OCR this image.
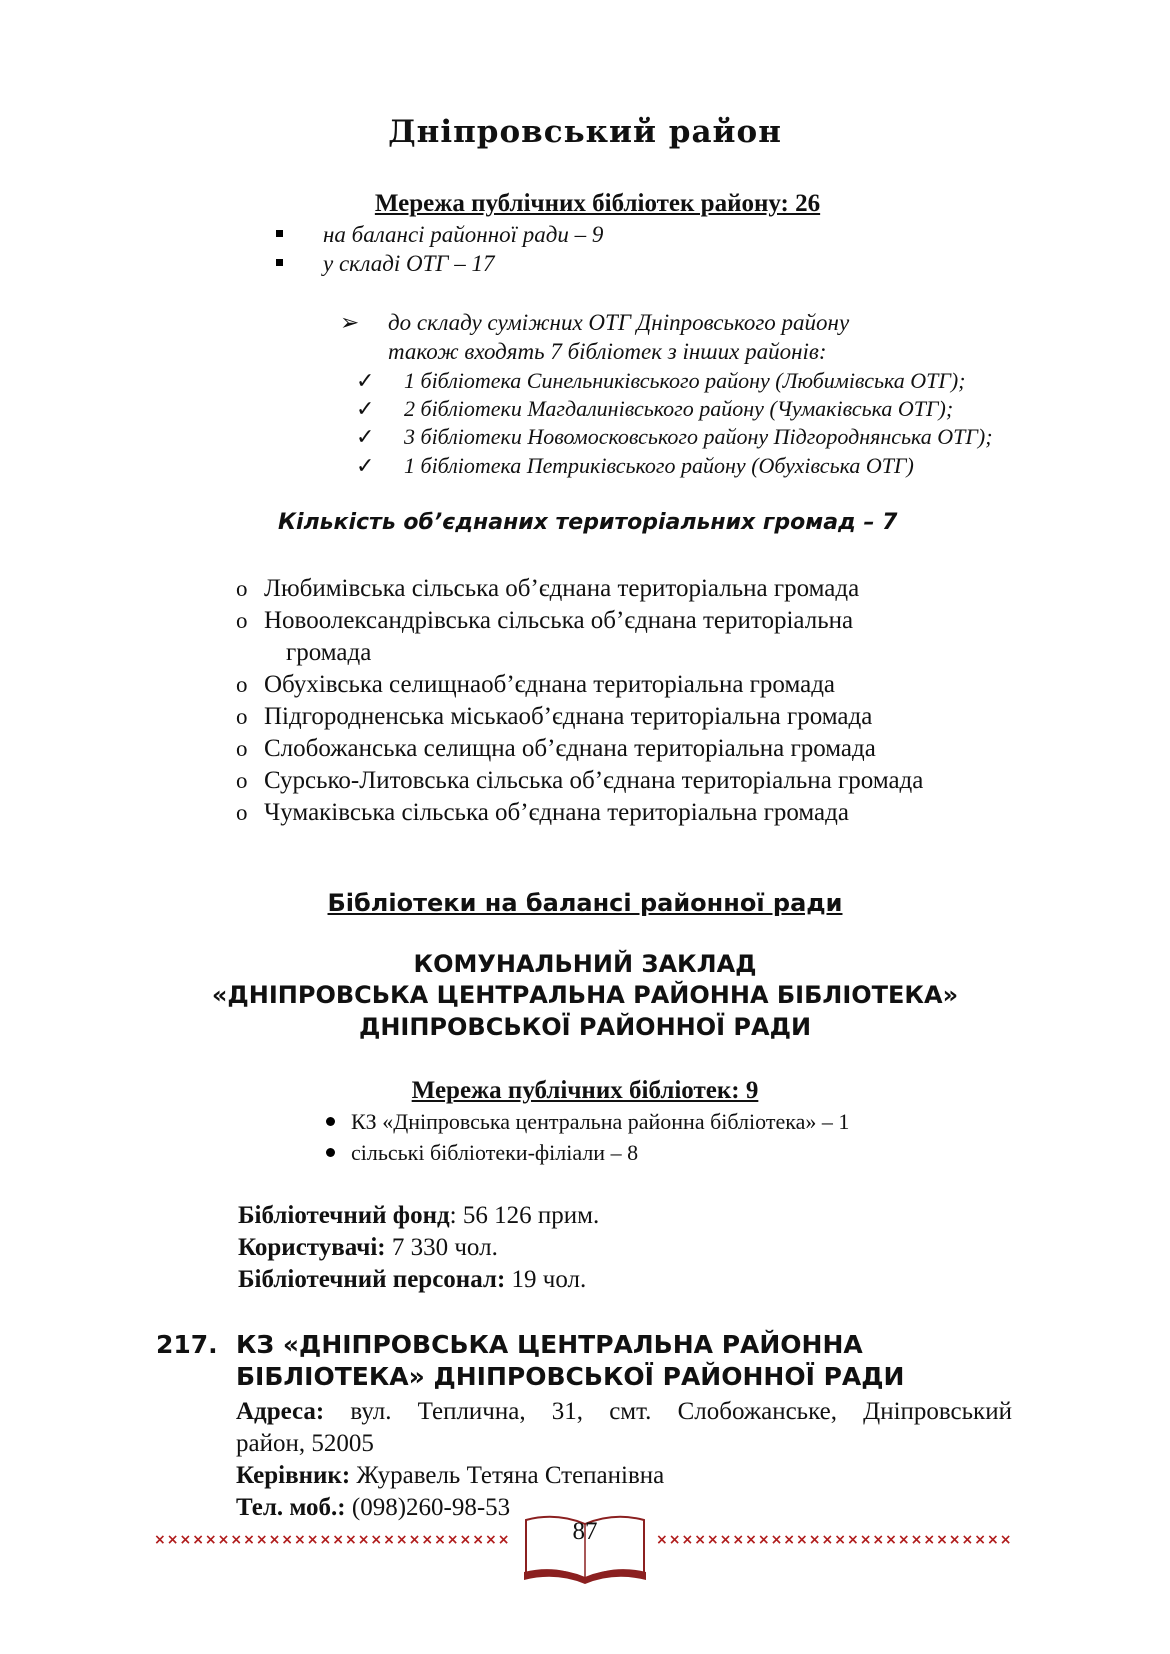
Дніпровський район
Мережа публічних бібліотек району: 26
на балансі районної ради – 9
у складі ОТГ – 17
➢ до складу суміжних ОТГ Дніпровського району
також входять 7 бібліотек з інших районів:
✓ 1 бібліотека Синельниківського району (Любимівська ОТГ);
✓ 2 бібліотеки Магдалинівського району (Чумаківська ОТГ);
✓ 3 бібліотеки Новомосковського району Підгороднянська ОТГ);
✓ 1 бібліотека Петриківського району (Обухівська ОТГ)
Кількість об’єднаних територіальних громад – 7
o Любимівська сільська об’єднана територіальна громада
o Новоолександрівська сільська об’єднана територіальна
громада
o Обухівська селищнаоб’єднана територіальна громада
o Підгородненська міськаоб’єднана територіальна громада
o Слобожанська селищна об’єднана територіальна громада
o Сурсько-Литовська сільська об’єднана територіальна громада
o Чумаківська сільська об’єднана територіальна громада
Бібліотеки на балансі районної ради
КОМУНАЛЬНИЙ ЗАКЛАД
«ДНІПРОВСЬКА ЦЕНТРАЛЬНА РАЙОННА БІБЛІОТЕКА»
ДНІПРОВСЬКОЇ РАЙОННОЇ РАДИ
Мережа публічних бібліотек: 9
КЗ «Дніпровська центральна районна бібліотека» – 1
сільські бібліотеки-філіали – 8
Бібліотечний фонд: 56 126 прим.
Користувачі: 7 330 чол.
Бібліотечний персонал: 19 чол.
217. КЗ «ДНІПРОВСЬКА ЦЕНТРАЛЬНА РАЙОННА
БІБЛІОТЕКА» ДНІПРОВСЬКОЇ РАЙОННОЇ РАДИ
Адреса: вул. Теплична, 31, смт. Слобожанське, Дніпровський
район, 52005
Керівник: Журавель Тетяна Степанівна
Тел. моб.: (098)260-98-53
××××××××××××××××××××××××××××	××××××××××××××××××××××××××××
87
